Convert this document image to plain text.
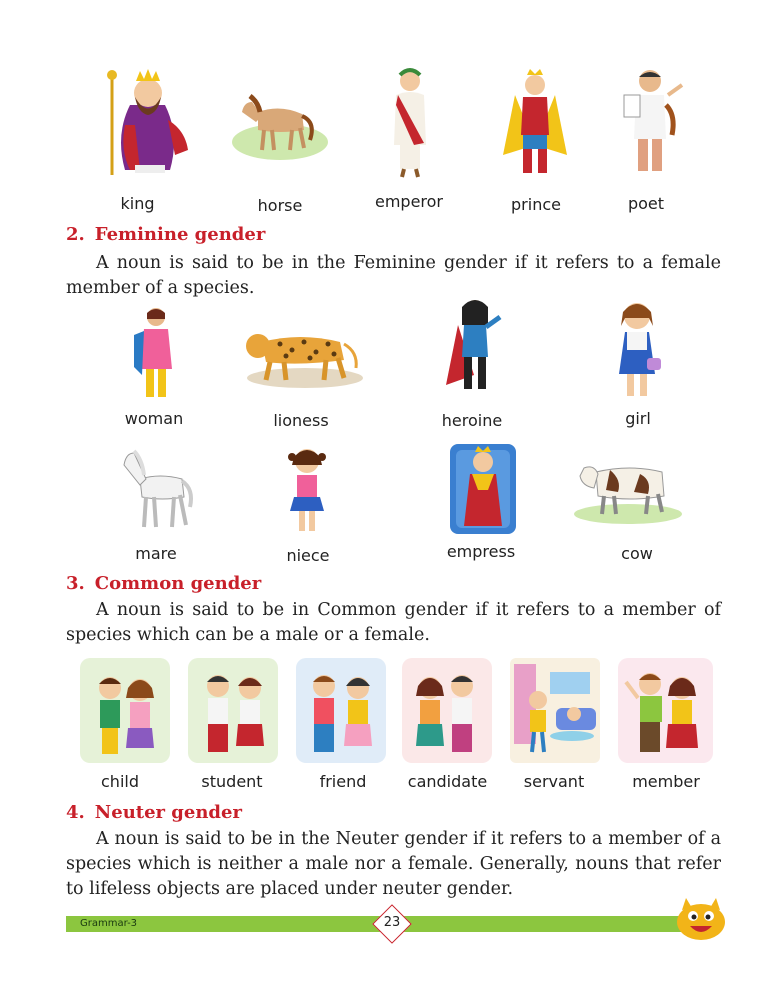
king	horse	emperor	prince	poet
2. Feminine gender
A noun is said to be in the Feminine gender if it refers to a female member of a species.
woman	lioness	heroine	girl
mare	niece	empress	cow
3. Common gender
A noun is said to be in Common gender if it refers to a member of species which can be a male or a female.
child	student	friend	candidate	servant	member
4. Neuter gender
A noun is said to be in the Neuter gender if it refers to a member of a species which is neither a male nor a female. Generally, nouns that refer to lifeless objects are placed under neuter gender.
Grammar-3	23
